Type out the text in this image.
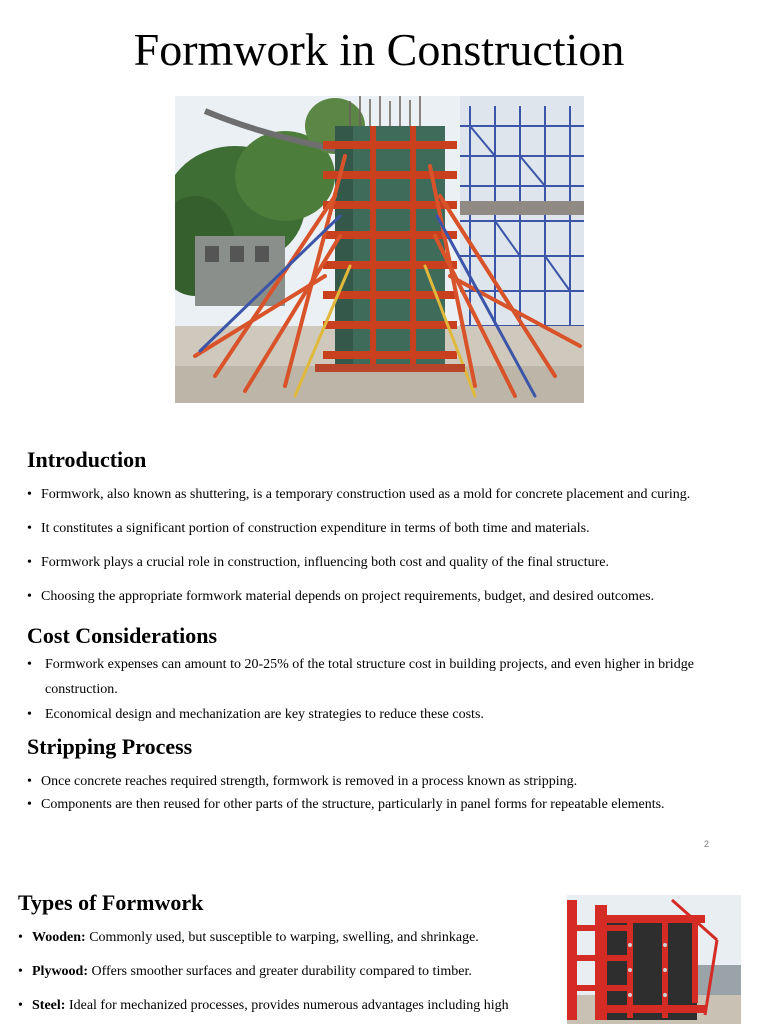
Formwork in Construction
Introduction
• Formwork, also known as shuttering, is a temporary construction used as a mold for concrete placement and curing.
• It constitutes a significant portion of construction expenditure in terms of both time and materials.
• Formwork plays a crucial role in construction, influencing both cost and quality of the final structure.
• Choosing the appropriate formwork material depends on project requirements, budget, and desired outcomes.
Cost Considerations
• Formwork expenses can amount to 20-25% of the total structure cost in building projects, and even higher in bridge construction.
• Economical design and mechanization are key strategies to reduce these costs.
Stripping Process
• Once concrete reaches required strength, formwork is removed in a process known as stripping.
• Components are then reused for other parts of the structure, particularly in panel forms for repeatable elements.
2
Types of Formwork
• Wooden: Commonly used, but susceptible to warping, swelling, and shrinkage.
• Plywood: Offers smoother surfaces and greater durability compared to timber.
• Steel: Ideal for mechanized processes, provides numerous advantages including high
